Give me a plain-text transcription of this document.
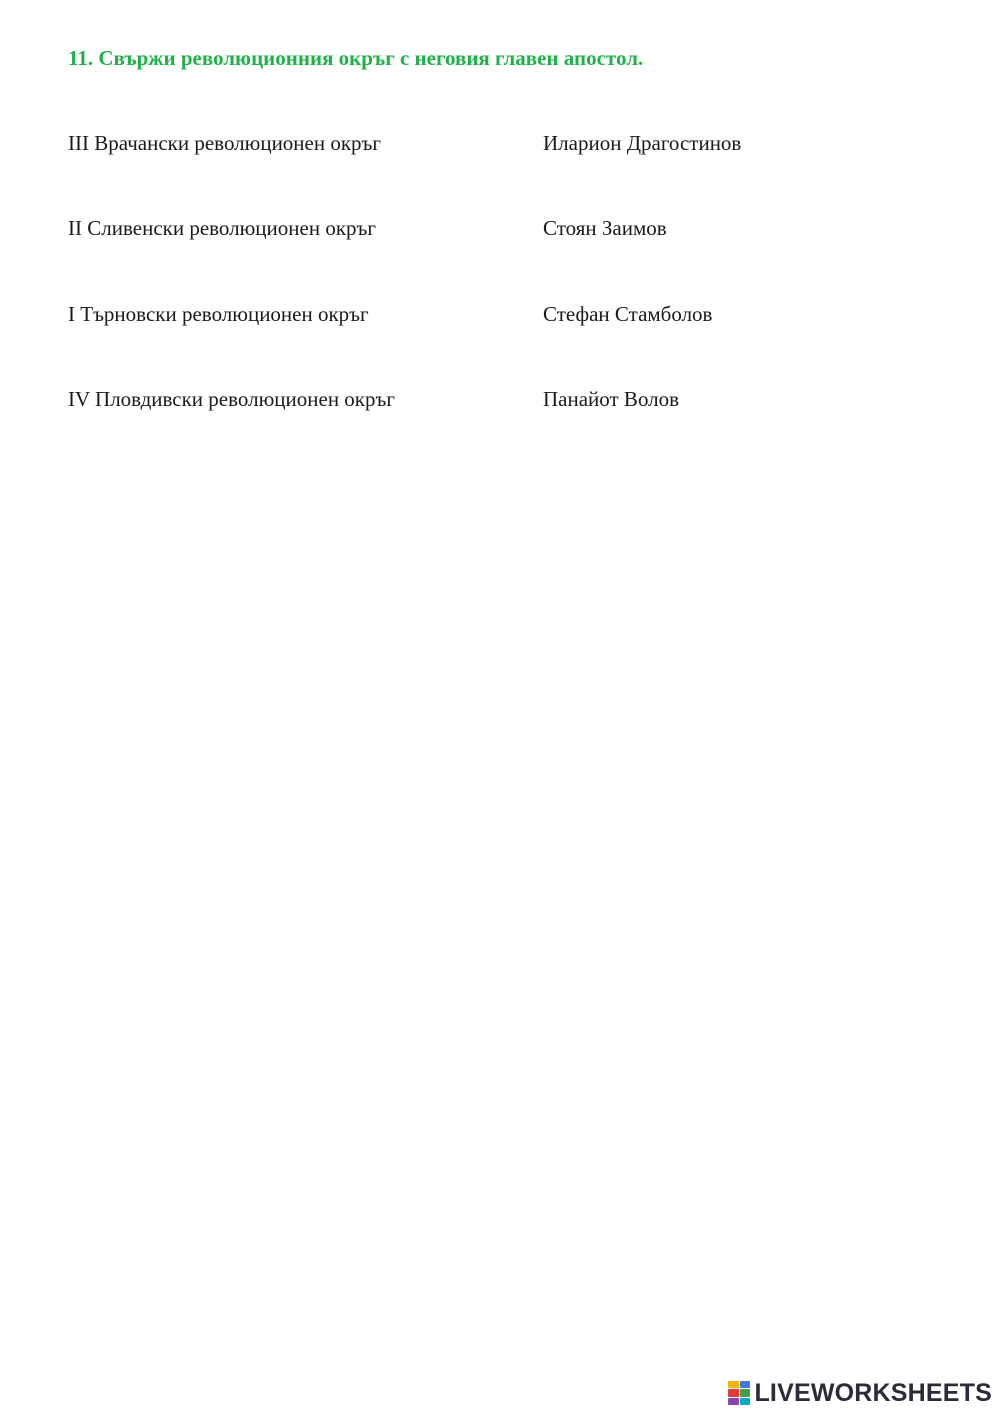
11. Свържи революционния окръг с неговия главен апостол.
III Врачански революционен окръг	Иларион Драгостинов
II Сливенски революционен окръг	Стоян Заимов
I Търновски революционен окръг	Стефан Стамболов
IV Пловдивски революционен окръг	Панайот Волов
LIVEWORKSHEETS
